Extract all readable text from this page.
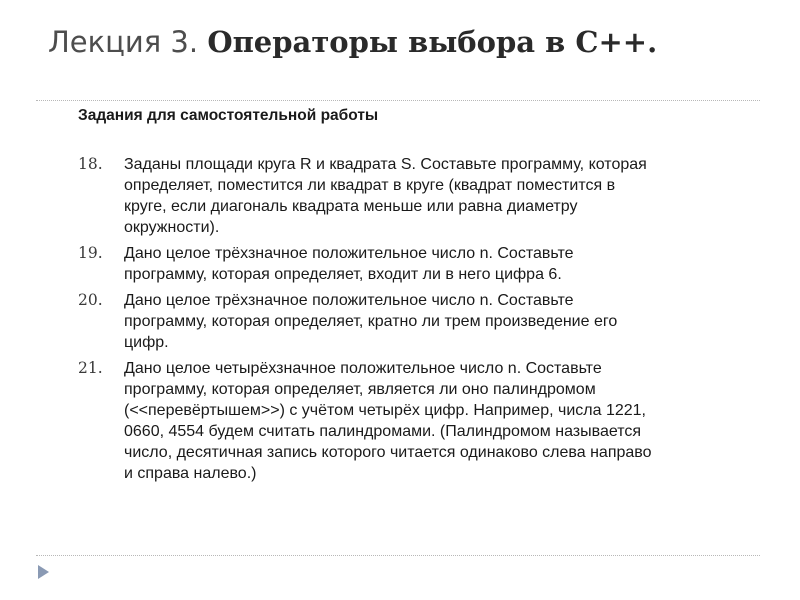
Лекция 3. Операторы выбора в С++.
Задания для самостоятельной работы
18.	Заданы площади круга R и квадрата S. Составьте программу, которая
определяет, поместится ли квадрат в круге (квадрат поместится в
круге, если диагональ квадрата меньше или равна диаметру
окружности).
19.	Дано целое трёхзначное положительное число n. Составьте
программу, которая определяет, входит ли в него цифра 6.
20.	Дано целое трёхзначное положительное число n. Составьте
программу, которая определяет, кратно ли трем произведение его
цифр.
21.	Дано целое четырёхзначное положительное число n. Составьте
программу, которая определяет, является ли оно палиндромом
(<<перевёртышем>>) с учётом четырёх цифр. Например, числа 1221,
0660, 4554 будем считать палиндромами. (Палиндромом называется
число, десятичная запись которого читается одинаково слева направо
и справа налево.)
